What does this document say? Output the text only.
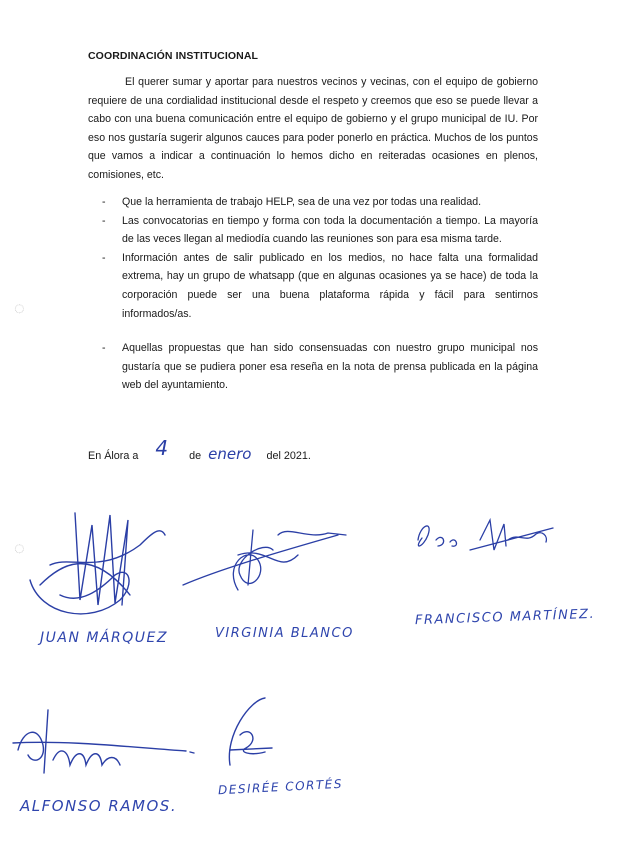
COORDINACIÓN INSTITUCIONAL

El querer sumar y aportar para nuestros vecinos y vecinas, con el equipo de gobierno requiere de una cordialidad institucional desde el respeto y creemos que eso se puede llevar a cabo con una buena comunicación entre el equipo de gobierno y el grupo municipal de IU. Por eso nos gustaría sugerir algunos cauces para poder ponerlo en práctica. Muchos de los puntos que vamos a indicar a continuación lo hemos dicho en reiteradas ocasiones en plenos, comisiones, etc.

- Que la herramienta de trabajo HELP, sea de una vez por todas una realidad.
- Las convocatorias en tiempo y forma con toda la documentación a tiempo. La mayoría de las veces llegan al mediodía cuando las reuniones son para esa misma tarde.
- Información antes de salir publicado en los medios, no hace falta una formalidad extrema, hay un grupo de whatsapp (que en algunas ocasiones ya se hace) de toda la corporación puede ser una buena plataforma rápida y fácil para sentirnos informados/as.
- Aquellas propuestas que han sido consensuadas con nuestro grupo municipal nos gustaría que se pudiera poner esa reseña en la nota de prensa publicada en la página web del ayuntamiento.
En Álora a 4 de enero del 2021.
JUAN MÁRQUEZ	VIRGINIA BLANCO
FRANCISCO MARTÍNEZ.
ALFONSO RAMOS.
DESIRÉE CORTÉS
◌
◌
